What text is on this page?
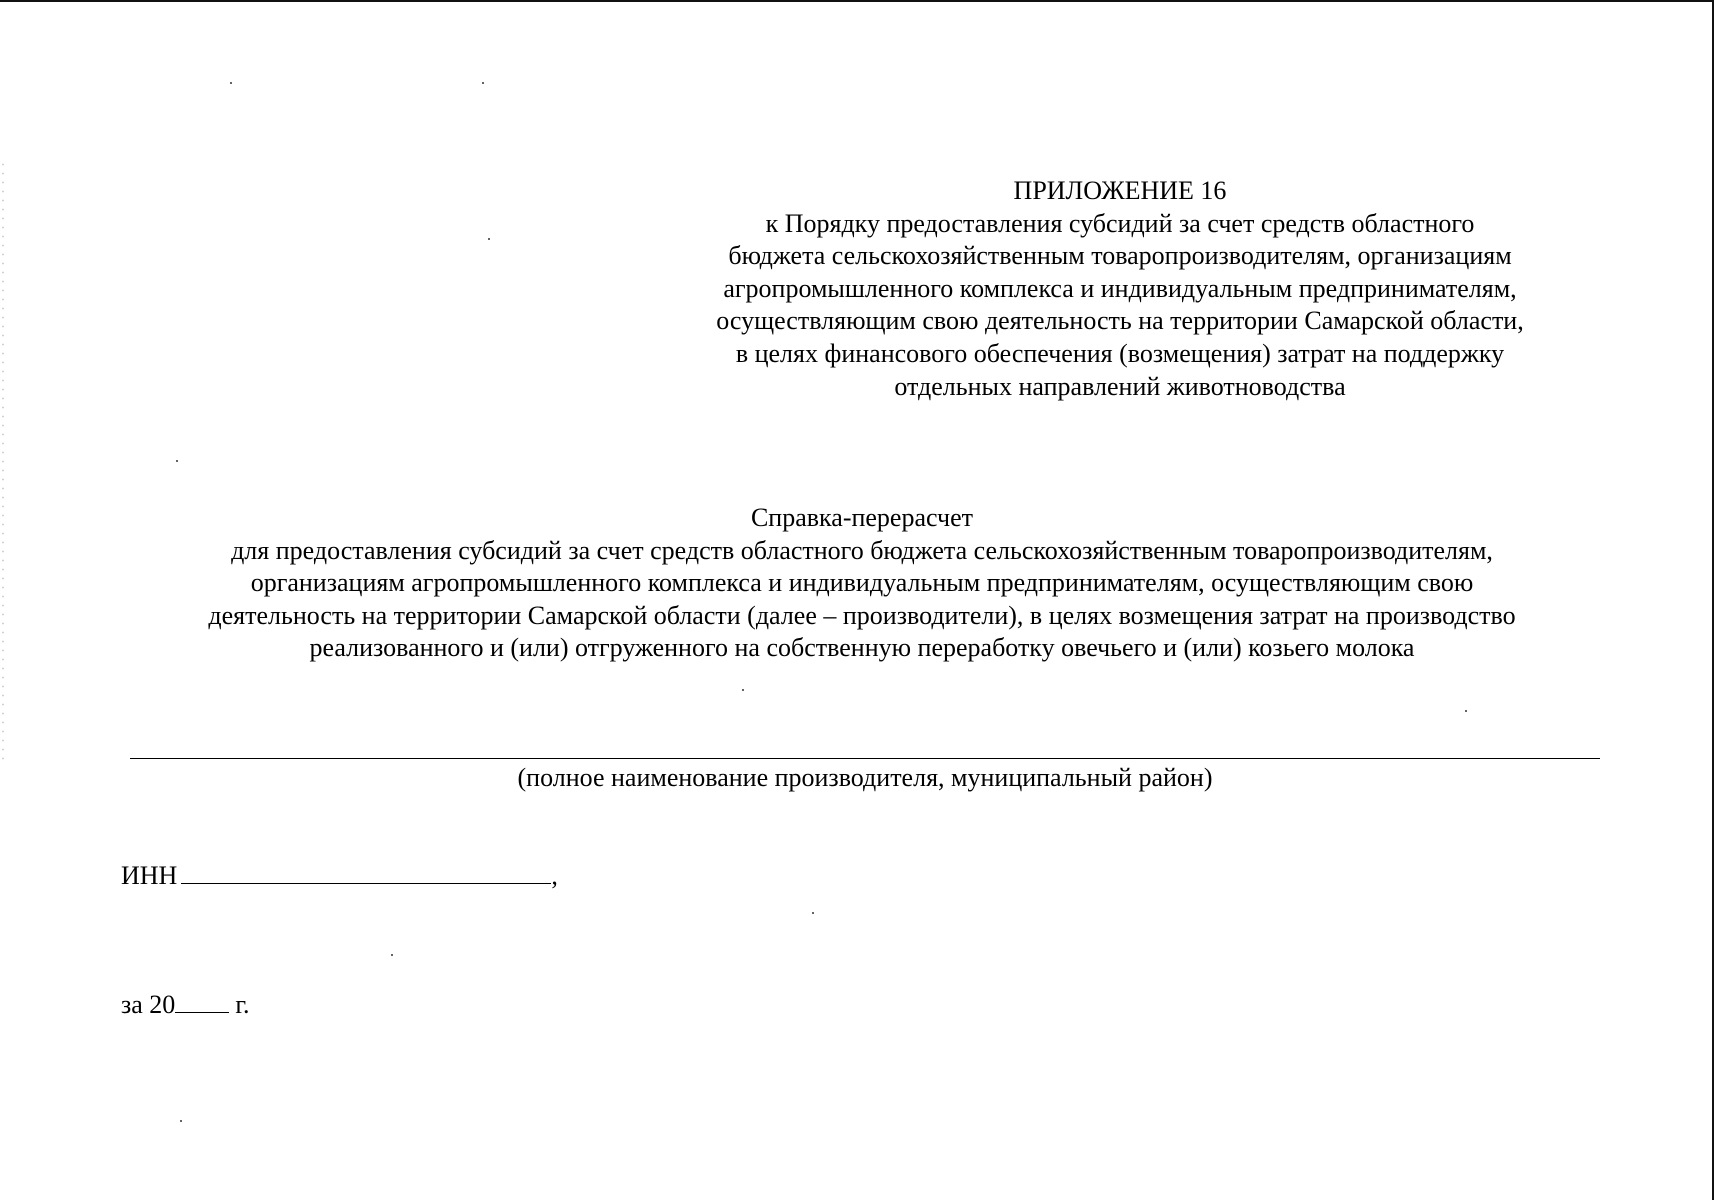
ПРИЛОЖЕНИЕ 16
к Порядку предоставления субсидий за счет средств областного
бюджета сельскохозяйственным товаропроизводителям, организациям
агропромышленного комплекса и индивидуальным предпринимателям,
осуществляющим свою деятельность на территории Самарской области,
в целях финансового обеспечения (возмещения) затрат на поддержку
отдельных направлений животноводства
Справка-перерасчет
для предоставления субсидий за счет средств областного бюджета сельскохозяйственным товаропроизводителям,
организациям агропромышленного комплекса и индивидуальным предпринимателям, осуществляющим свою
деятельность на территории Самарской области (далее – производители), в целях возмещения затрат на производство
реализованного и (или) отгруженного на собственную переработку овечьего и (или) козьего молока
(полное наименование производителя, муниципальный район)
ИНН	,
за 20 г.
